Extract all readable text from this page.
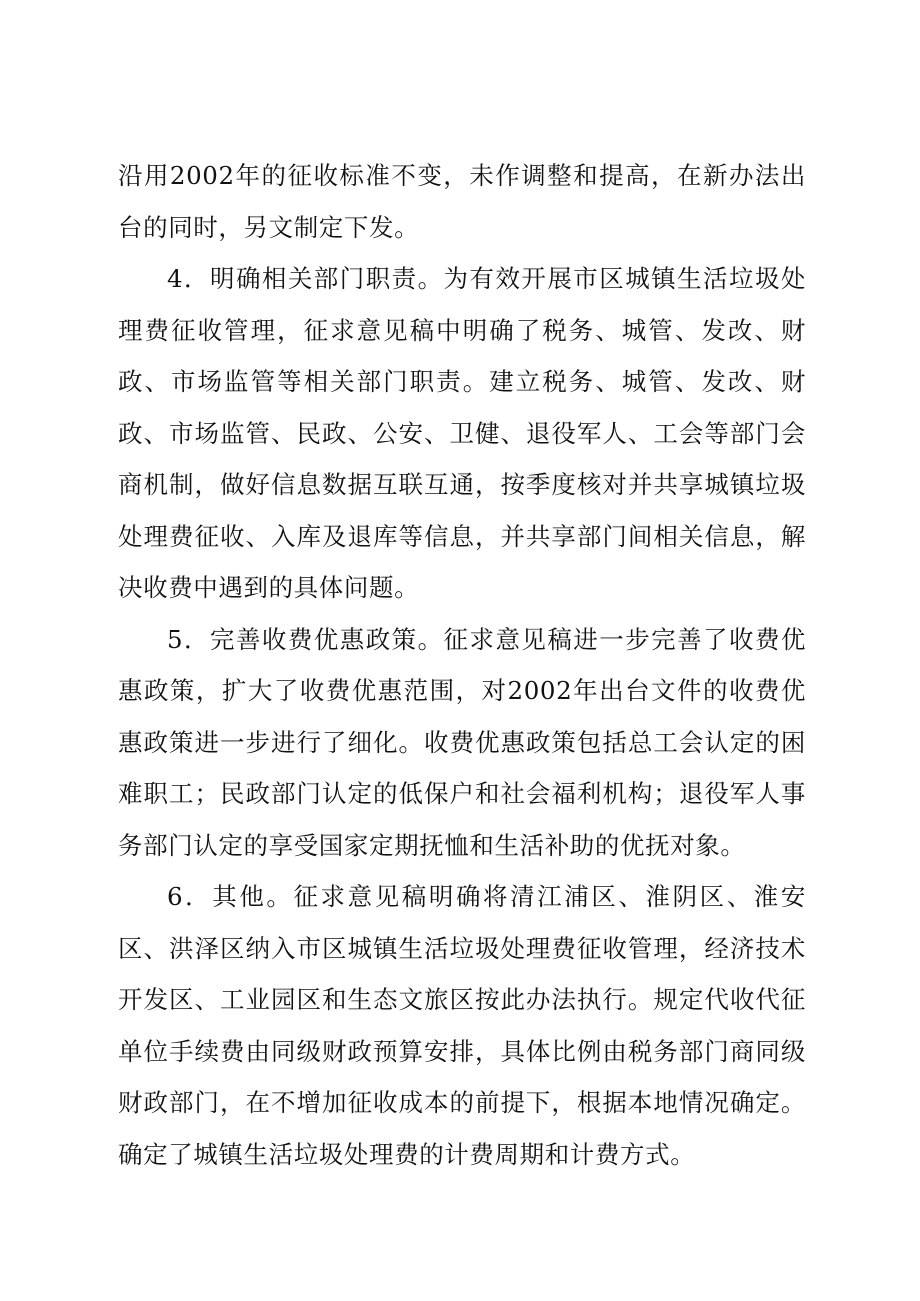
沿用2002年的征收标准不变，未作调整和提高，在新办法出台的同时，另文制定下发。

4．明确相关部门职责。为有效开展市区城镇生活垃圾处理费征收管理，征求意见稿中明确了税务、城管、发改、财政、市场监管等相关部门职责。建立税务、城管、发改、财政、市场监管、民政、公安、卫健、退役军人、工会等部门会商机制，做好信息数据互联互通，按季度核对并共享城镇垃圾处理费征收、入库及退库等信息，并共享部门间相关信息，解决收费中遇到的具体问题。

5．完善收费优惠政策。征求意见稿进一步完善了收费优惠政策，扩大了收费优惠范围，对2002年出台文件的收费优惠政策进一步进行了细化。收费优惠政策包括总工会认定的困难职工；民政部门认定的低保户和社会福利机构；退役军人事务部门认定的享受国家定期抚恤和生活补助的优抚对象。

6．其他。征求意见稿明确将清江浦区、淮阴区、淮安区、洪泽区纳入市区城镇生活垃圾处理费征收管理，经济技术开发区、工业园区和生态文旅区按此办法执行。规定代收代征单位手续费由同级财政预算安排，具体比例由税务部门商同级财政部门，在不增加征收成本的前提下，根据本地情况确定。确定了城镇生活垃圾处理费的计费周期和计费方式。
